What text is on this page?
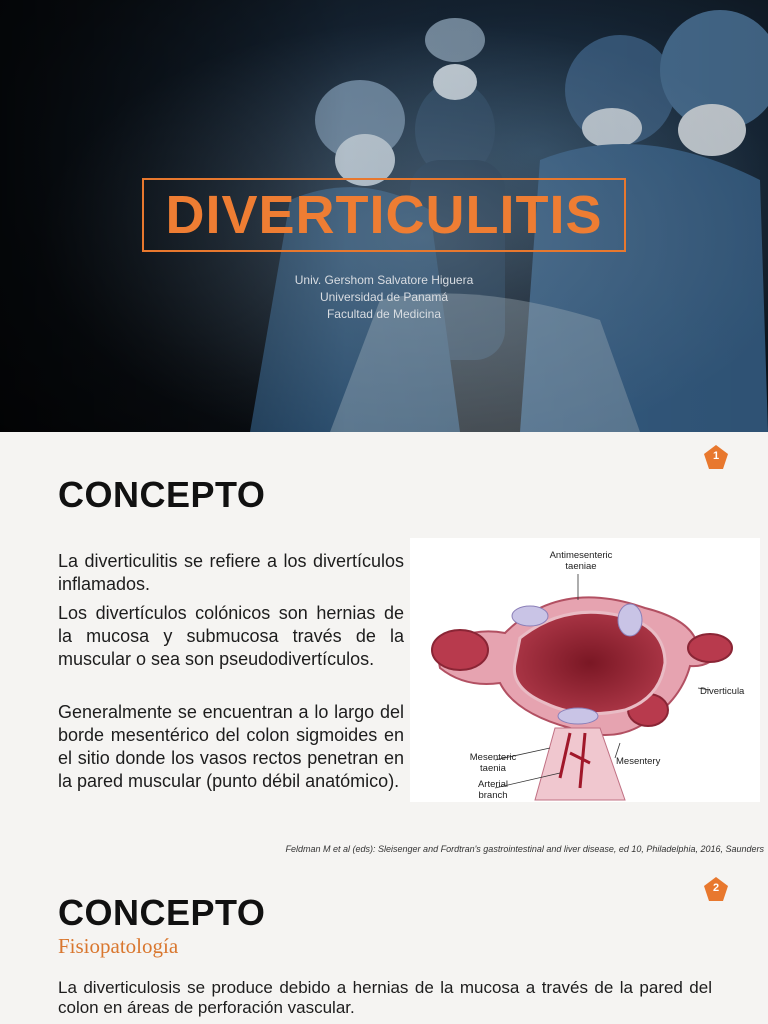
DIVERTICULITIS
Univ. Gershom Salvatore Higuera
Universidad de Panamá
Facultad de Medicina
1
CONCEPTO
La diverticulitis se refiere a los divertículos inflamados.
Los divertículos colónicos son hernias de la mucosa y submucosa través de la muscular o sea son pseudodivertículos.
Generalmente se encuentran a lo largo del borde mesentérico del colon sigmoides en el sitio donde los vasos rectos penetran en la pared muscular (punto débil anatómico).
Antimesenteric taeniae
Diverticula
Mesenteric taenia
Mesentery
Arterial branch
Feldman M et al (eds): Sleisenger and Fordtran's gastrointestinal and liver disease, ed 10, Philadelphia, 2016, Saunders
2
CONCEPTO
Fisiopatología
La diverticulosis se produce debido a hernias de la mucosa a través de la pared del colon en áreas de perforación vascular.
